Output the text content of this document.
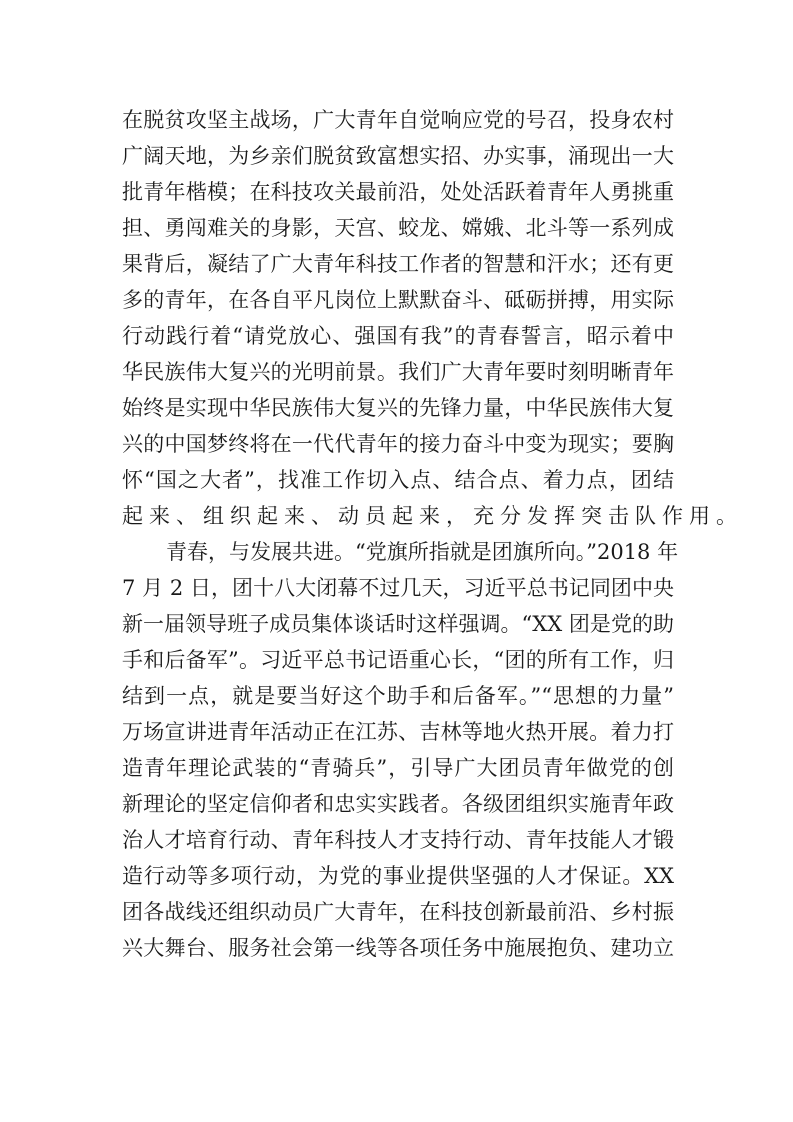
在脱贫攻坚主战场，广大青年自觉响应党的号召，投身农村
广阔天地，为乡亲们脱贫致富想实招、办实事，涌现出一大
批青年楷模；在科技攻关最前沿，处处活跃着青年人勇挑重
担、勇闯难关的身影，天宫、蛟龙、嫦娥、北斗等一系列成
果背后，凝结了广大青年科技工作者的智慧和汗水；还有更
多的青年，在各自平凡岗位上默默奋斗、砥砺拼搏，用实际
行动践行着“请党放心、强国有我”的青春誓言，昭示着中
华民族伟大复兴的光明前景。我们广大青年要时刻明晰青年
始终是实现中华民族伟大复兴的先锋力量，中华民族伟大复
兴的中国梦终将在一代代青年的接力奋斗中变为现实；要胸
怀“国之大者”，找准工作切入点、结合点、着力点，团结
起来、组织起来、动员起来，充分发挥突击队作用。
青春，与发展共进。“党旗所指就是团旗所向。”2018 年
7 月 2 日，团十八大闭幕不过几天，习近平总书记同团中央
新一届领导班子成员集体谈话时这样强调。“XX 团是党的助
手和后备军”。习近平总书记语重心长，“团的所有工作，归
结到一点，就是要当好这个助手和后备军。”“思想的力量”
万场宣讲进青年活动正在江苏、吉林等地火热开展。着力打
造青年理论武装的“青骑兵”，引导广大团员青年做党的创
新理论的坚定信仰者和忠实实践者。各级团组织实施青年政
治人才培育行动、青年科技人才支持行动、青年技能人才锻
造行动等多项行动，为党的事业提供坚强的人才保证。XX
团各战线还组织动员广大青年，在科技创新最前沿、乡村振
兴大舞台、服务社会第一线等各项任务中施展抱负、建功立
